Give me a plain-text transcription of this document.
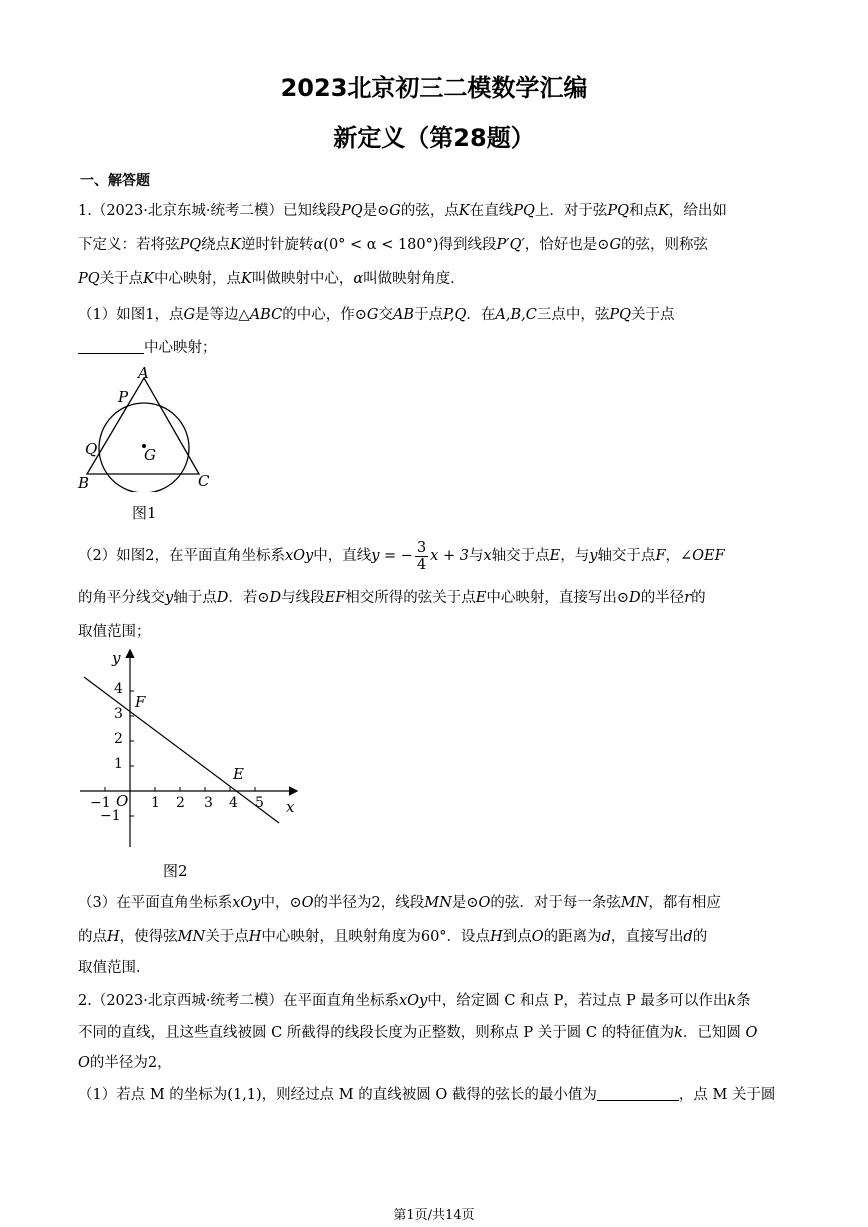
2023北京初三二模数学汇编
新定义（第28题）
一、解答题
1.（2023·北京东城·统考二模）已知线段PQ是⊙G的弦，点K在直线PQ上．对于弦PQ和点K，给出如
下定义：若将弦PQ绕点K逆时针旋转α(0° < α < 180°)得到线段P′Q′，恰好也是⊙G的弦，则称弦
PQ关于点K中心映射，点K叫做映射中心，α叫做映射角度．
（1）如图1，点G是等边△ABC的中心，作⊙G交AB于点P,Q．在A,B,C三点中，弦PQ关于点
中心映射；
A
P
Q	G
B	C
图1
（2）如图2，在平面直角坐标系xOy中，直线y = − $\frac{3}{4}$ x + 3与x轴交于点E，与y轴交于点F，∠OEF
的角平分线交y轴于点D．若⊙D与线段EF相交所得的弦关于点E中心映射，直接写出⊙D的半径r的
取值范围；
y
x
O
4
3
2
1
−1
−1	1 2 3 4 5
F
E
图2
（3）在平面直角坐标系xOy中，⊙O的半径为2，线段MN是⊙O的弦．对于每一条弦MN，都有相应
的点H，使得弦MN关于点H中心映射，且映射角度为60°．设点H到点O的距离为d，直接写出d的
取值范围．
2.（2023·北京西城·统考二模）在平面直角坐标系xOy中，给定圆 C 和点 P，若过点 P 最多可以作出k条
不同的直线，且这些直线被圆 C 所截得的线段长度为正整数，则称点 P 关于圆 C 的特征值为k．已知圆 O
O的半径为2，
（1）若点 M 的坐标为(1,1)，则经过点 M 的直线被圆 O 截得的弦长的最小值为	，点 M 关于圆
第1页/共14页
